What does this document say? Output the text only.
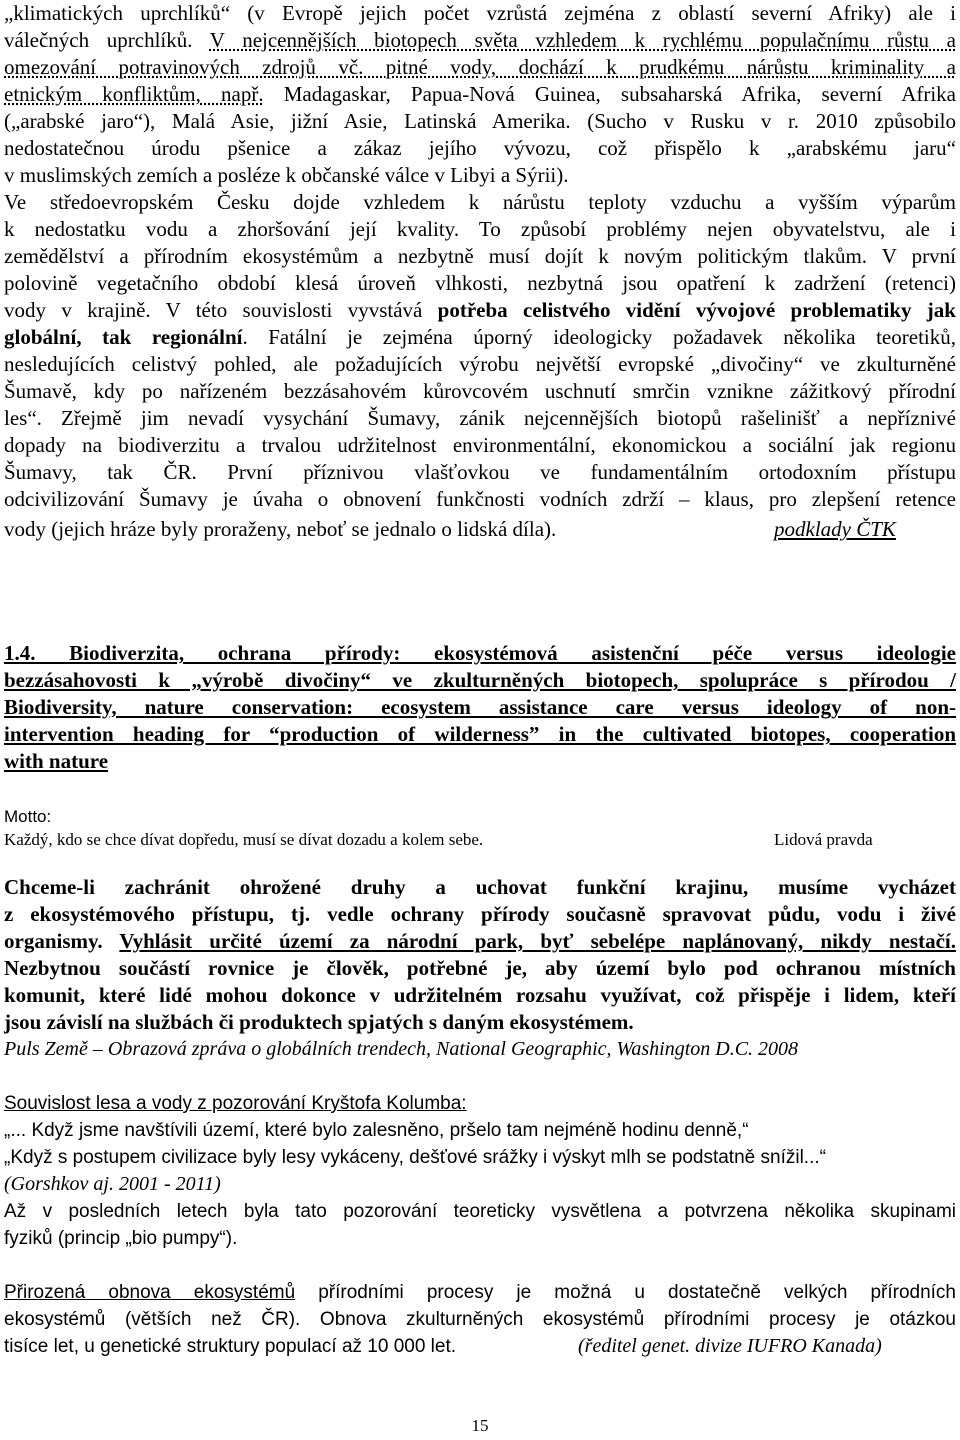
„klimatických uprchlíků“ (v Evropě jejich počet vzrůstá zejména z oblastí severní Afriky) ale i
válečných uprchlíků. V nejcennějších biotopech světa vzhledem k rychlému populačnímu růstu a
omezování potravinových zdrojů vč. pitné vody, dochází k prudkému nárůstu kriminality a
etnickým konfliktům, např. Madagaskar, Papua-Nová Guinea, subsaharská Afrika, severní Afrika
(„arabské jaro“), Malá Asie, jižní Asie, Latinská Amerika. (Sucho v Rusku v r. 2010 způsobilo
nedostatečnou úrodu pšenice a zákaz jejího vývozu, což přispělo k „arabskému jaru“
v muslimských zemích a posléze k občanské válce v Libyi a Sýrii).
Ve středoevropském Česku dojde vzhledem k nárůstu teploty vzduchu a vyšším výparům
k nedostatku vodu a zhoršování její kvality. To způsobí problémy nejen obyvatelstvu, ale i
zemědělství a přírodním ekosystémům a nezbytně musí dojít k novým politickým tlakům. V první
polovině vegetačního období klesá úroveň vlhkosti, nezbytná jsou opatření k zadržení (retenci)
vody v krajině. V této souvislosti vyvstává potřeba celistvého vidění vývojové problematiky jak
globální, tak regionální. Fatální je zejména úporný ideologicky požadavek několika teoretiků,
nesledujících celistvý pohled, ale požadujících výrobu největší evropské „divočiny“ ve zkulturněné
Šumavě, kdy po nařízeném bezzásahovém kůrovcovém uschnutí smrčin vznikne zážitkový přírodní
les“. Zřejmě jim nevadí vysychání Šumavy, zánik nejcennějších biotopů rašelinišť a nepříznivé
dopady na biodiverzitu a trvalou udržitelnost environmentální, ekonomickou a sociální jak regionu
Šumavy, tak ČR. První příznivou vlašťovkou ve fundamentálním ortodoxním přístupu
odcivilizování Šumavy je úvaha o obnovení funkčnosti vodních zdrží – klaus, pro zlepšení retence
vody (jejich hráze byly proraženy, neboť se jednalo o lidská díla).	podklady ČTK
1.4. Biodiverzita, ochrana přírody: ekosystémová asistenční péče versus ideologie
bezzásahovosti k „výrobě divočiny“ ve zkulturněných biotopech, spolupráce s přírodou /
Biodiversity, nature conservation: ecosystem assistance care versus ideology of non-
intervention heading for “production of wilderness” in the cultivated biotopes, cooperation
with nature
Motto:
Každý, kdo se chce dívat dopředu, musí se dívat dozadu a kolem sebe.	Lidová pravda
Chceme-li zachránit ohrožené druhy a uchovat funkční krajinu, musíme vycházet
z ekosystémového přístupu, tj. vedle ochrany přírody současně spravovat půdu, vodu i živé
organismy. Vyhlásit určité území za národní park, byť sebelépe naplánovaný, nikdy nestačí.
Nezbytnou součástí rovnice je člověk, potřebné je, aby území bylo pod ochranou místních
komunit, které lidé mohou dokonce v udržitelném rozsahu využívat, což přispěje i lidem, kteří
jsou závislí na službách či produktech spjatých s daným ekosystémem.
Puls Země – Obrazová zpráva o globálních trendech, National Geographic, Washington D.C. 2008
Souvislost lesa a vody z pozorování Kryštofa Kolumba:
„... Když jsme navštívili území, které bylo zalesněno, pršelo tam nejméně hodinu denně,“
„Když s postupem civilizace byly lesy vykáceny, dešťové srážky i výskyt mlh se podstatně snížil...“
(Gorshkov aj. 2001 - 2011)
Až v posledních letech byla tato pozorování teoreticky vysvětlena a potvrzena několika skupinami
fyziků (princip „bio pumpy“).
Přirozená obnova ekosystémů přírodními procesy je možná u dostatečně velkých přírodních
ekosystémů (větších než ČR). Obnova zkulturněných ekosystémů přírodními procesy je otázkou
tisíce let, u genetické struktury populací až 10 000 let.	(ředitel genet. divize IUFRO Kanada)
15
